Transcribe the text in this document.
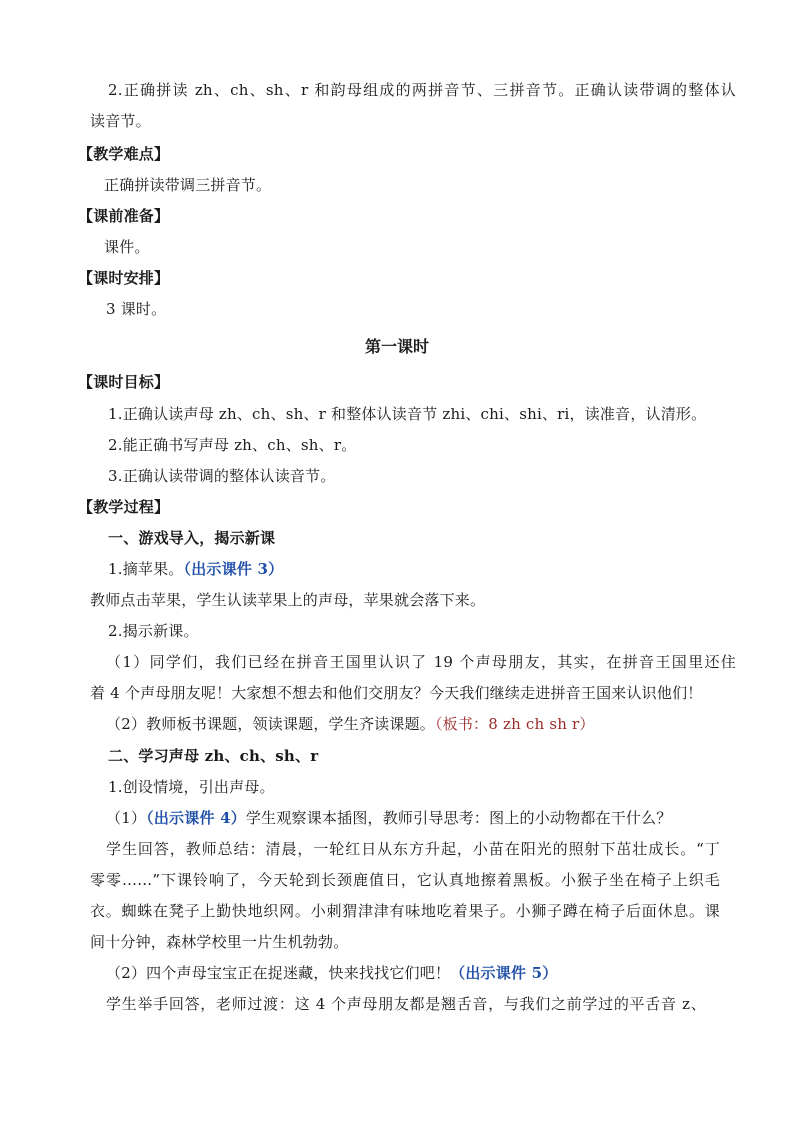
2.正确拼读 zh、ch、sh、r 和韵母组成的两拼音节、三拼音节。正确认读带调的整体认
读音节。
【教学难点】
正确拼读带调三拼音节。
【课前准备】
课件。
【课时安排】
3 课时。
第一课时
【课时目标】
1.正确认读声母 zh、ch、sh、r 和整体认读音节 zhi、chi、shi、ri，读准音，认清形。
2.能正确书写声母 zh、ch、sh、r。
3.正确认读带调的整体认读音节。
【教学过程】
一、游戏导入，揭示新课
1.摘苹果。（出示课件 3）
教师点击苹果，学生认读苹果上的声母，苹果就会落下来。
2.揭示新课。
（1）同学们，我们已经在拼音王国里认识了 19 个声母朋友，其实，在拼音王国里还住
着 4 个声母朋友呢！大家想不想去和他们交朋友？今天我们继续走进拼音王国来认识他们！
（2）教师板书课题，领读课题，学生齐读课题。（板书：8 zh ch sh r）
二、学习声母 zh、ch、sh、r
1.创设情境，引出声母。
（1）（出示课件 4）学生观察课本插图，教师引导思考：图上的小动物都在干什么？
学生回答，教师总结：清晨，一轮红日从东方升起，小苗在阳光的照射下茁壮成长。“丁
零零……”下课铃响了，今天轮到长颈鹿值日，它认真地擦着黑板。小猴子坐在椅子上织毛
衣。蜘蛛在凳子上勤快地织网。小刺猬津津有味地吃着果子。小狮子蹲在椅子后面休息。课
间十分钟，森林学校里一片生机勃勃。
（2）四个声母宝宝正在捉迷藏，快来找找它们吧！（出示课件 5）
学生举手回答，老师过渡：这 4 个声母朋友都是翘舌音，与我们之前学过的平舌音 z、
